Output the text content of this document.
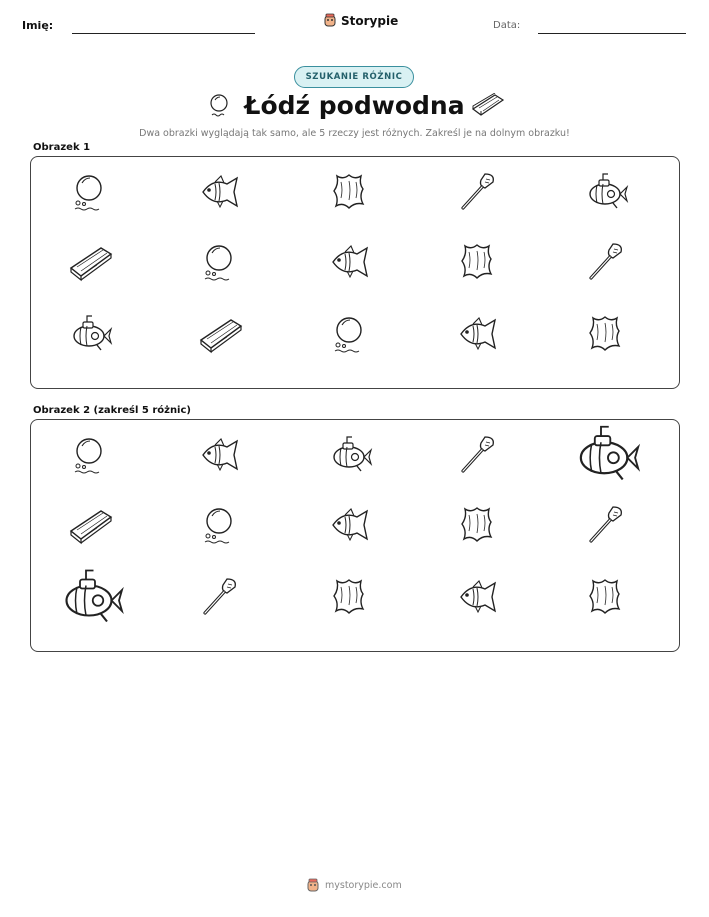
Imię:	Storypie	Data:
SZUKANIE RÓŻNIC
Łódź podwodna
Dwa obrazki wyglądają tak samo, ale 5 rzeczy jest różnych. Zakreśl je na dolnym obrazku!
Obrazek 1
Obrazek 2 (zakreśl 5 różnic)
mystorypie.com
